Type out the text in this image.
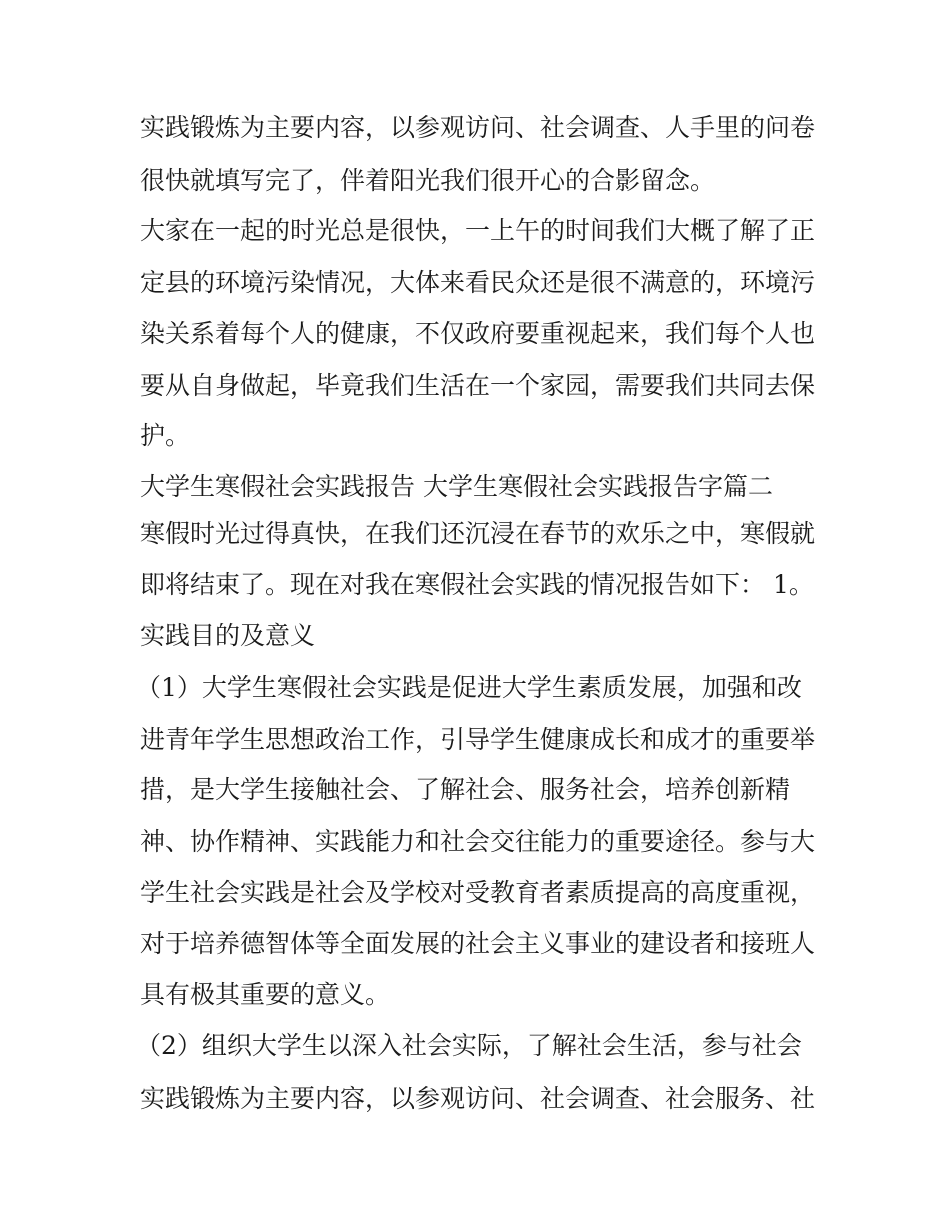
实践锻炼为主要内容，以参观访问、社会调查、人手里的问卷
很快就填写完了，伴着阳光我们很开心的合影留念。
大家在一起的时光总是很快，一上午的时间我们大概了解了正
定县的环境污染情况，大体来看民众还是很不满意的，环境污
染关系着每个人的健康，不仅政府要重视起来，我们每个人也
要从自身做起，毕竟我们生活在一个家园，需要我们共同去保
护。
大学生寒假社会实践报告 大学生寒假社会实践报告字篇二
寒假时光过得真快，在我们还沉浸在春节的欢乐之中，寒假就
即将结束了。现在对我在寒假社会实践的情况报告如下： 1。
实践目的及意义
（1）大学生寒假社会实践是促进大学生素质发展，加强和改
进青年学生思想政治工作，引导学生健康成长和成才的重要举
措，是大学生接触社会、了解社会、服务社会，培养创新精
神、协作精神、实践能力和社会交往能力的重要途径。参与大
学生社会实践是社会及学校对受教育者素质提高的高度重视，
对于培养德智体等全面发展的社会主义事业的建设者和接班人
具有极其重要的意义。
（2）组织大学生以深入社会实际，了解社会生活，参与社会
实践锻炼为主要内容，以参观访问、社会调查、社会服务、社
